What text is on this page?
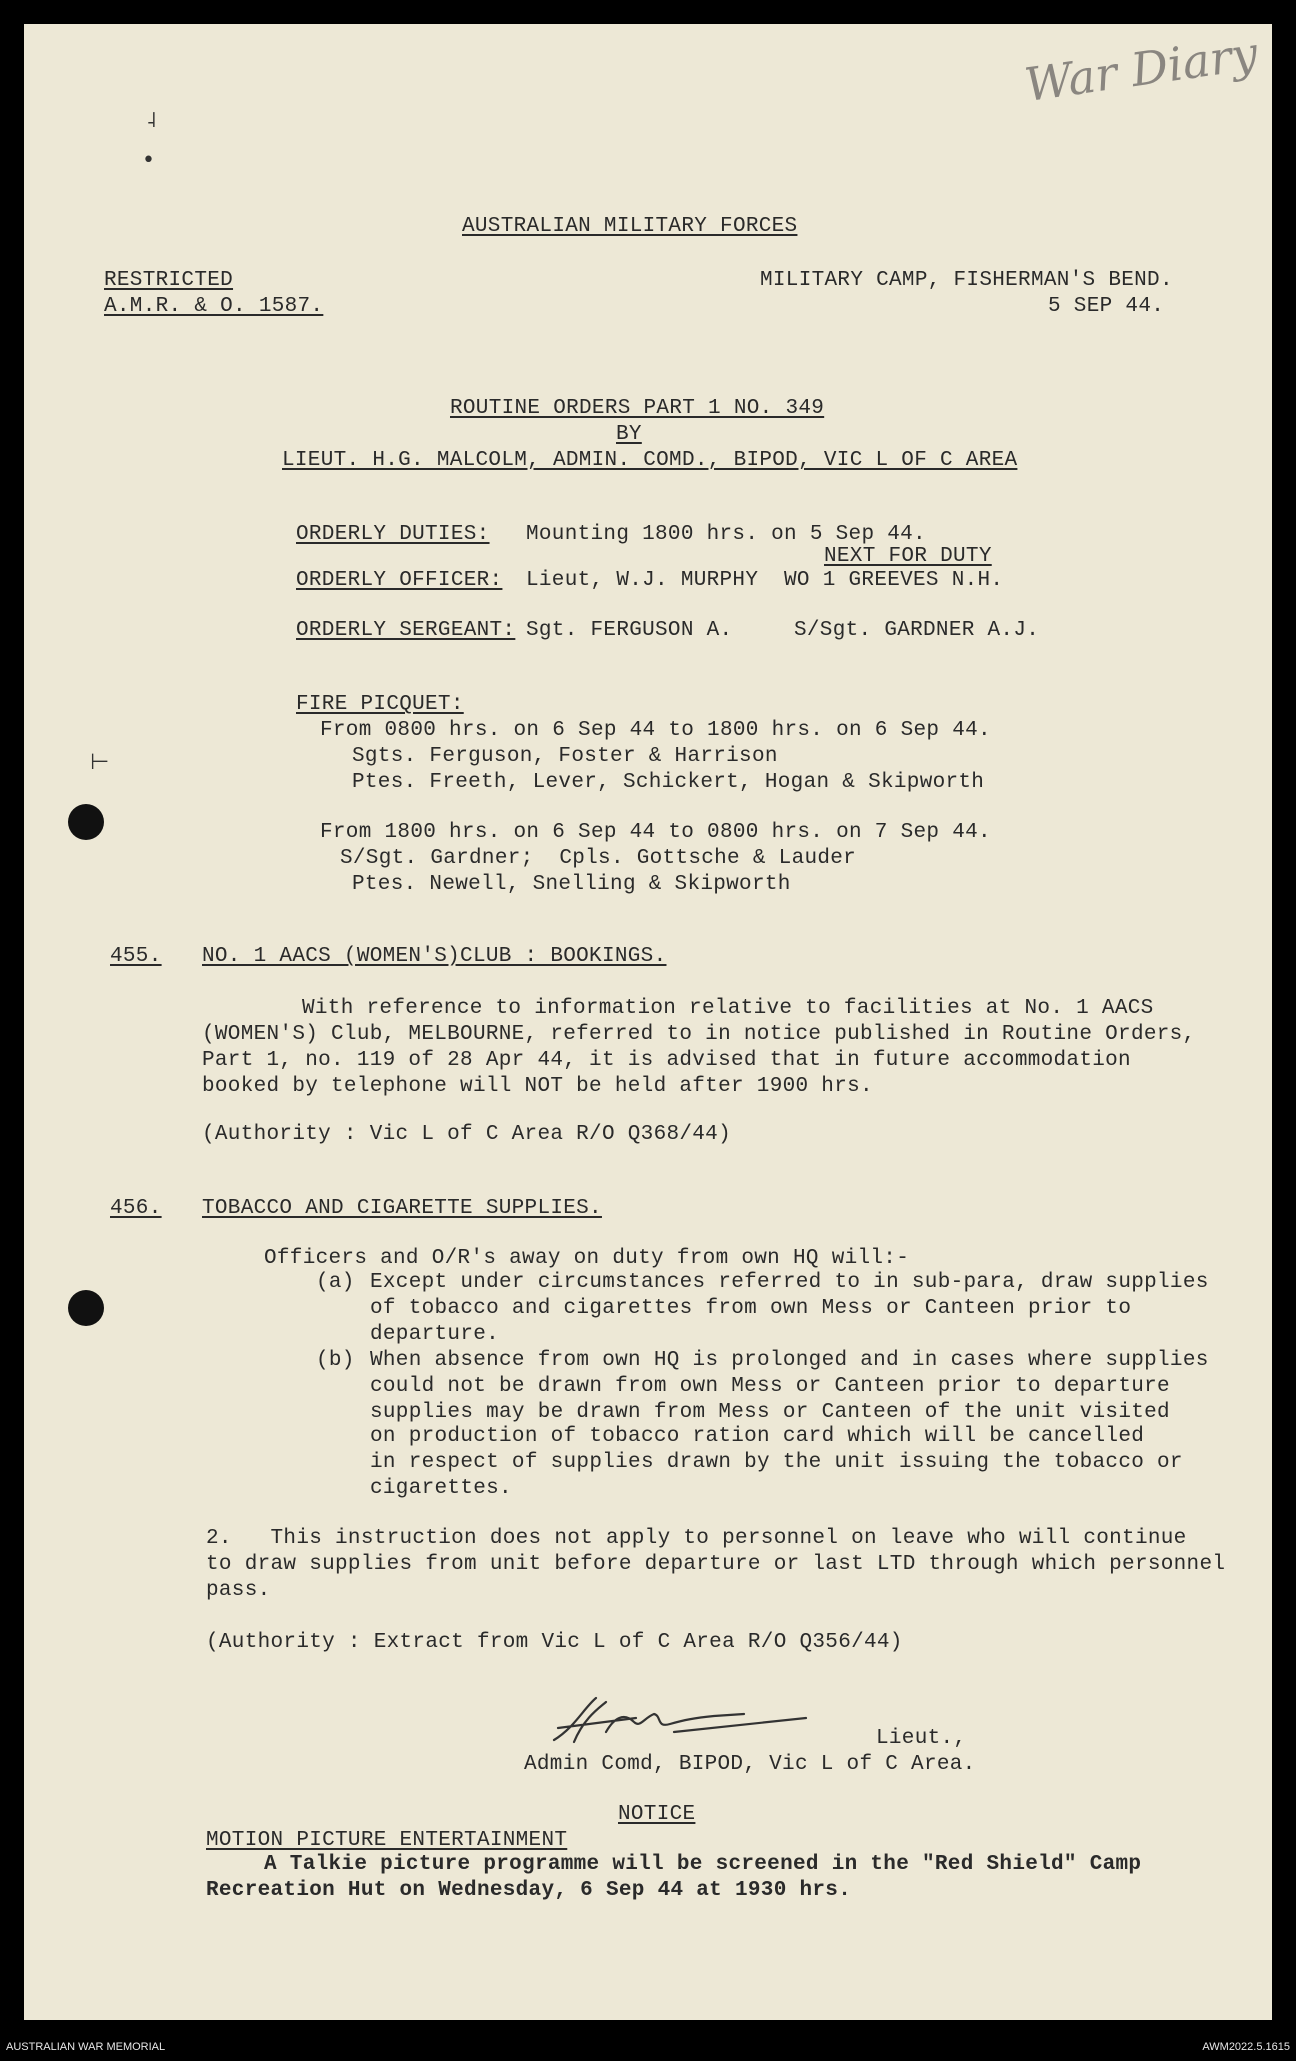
War Diary
˨
•
⊢
AUSTRALIAN MILITARY FORCES
RESTRICTED
A.M.R. & O. 1587.
MILITARY CAMP, FISHERMAN'S BEND.
5 SEP 44.
ROUTINE ORDERS PART 1 NO. 349
BY
LIEUT. H.G. MALCOLM, ADMIN. COMD., BIPOD, VIC L OF C AREA
ORDERLY DUTIES: Mounting 1800 hrs. on 5 Sep 44.
NEXT FOR DUTY
ORDERLY OFFICER: Lieut, W.J. MURPHY WO 1 GREEVES N.H.
ORDERLY SERGEANT: Sgt. FERGUSON A.	S/Sgt. GARDNER A.J.
FIRE PICQUET:
From 0800 hrs. on 6 Sep 44 to 1800 hrs. on 6 Sep 44.
Sgts. Ferguson, Foster & Harrison
Ptes. Freeth, Lever, Schickert, Hogan & Skipworth
From 1800 hrs. on 6 Sep 44 to 0800 hrs. on 7 Sep 44.
S/Sgt. Gardner;  Cpls. Gottsche & Lauder
Ptes. Newell, Snelling & Skipworth
455. NO. 1 AACS (WOMEN'S)CLUB : BOOKINGS.
With reference to information relative to facilities at No. 1 AACS
(WOMEN'S) Club, MELBOURNE, referred to in notice published in Routine Orders,
Part 1, no. 119 of 28 Apr 44, it is advised that in future accommodation
booked by telephone will NOT be held after 1900 hrs.
(Authority : Vic L of C Area R/O Q368/44)
456. TOBACCO AND CIGARETTE SUPPLIES.
Officers and O/R's away on duty from own HQ will:-
(a) Except under circumstances referred to in sub-para, draw supplies
of tobacco and cigarettes from own Mess or Canteen prior to
departure.
(b) When absence from own HQ is prolonged and in cases where supplies
could not be drawn from own Mess or Canteen prior to departure
supplies may be drawn from Mess or Canteen of the unit visited
on production of tobacco ration card which will be cancelled
in respect of supplies drawn by the unit issuing the tobacco or
cigarettes.
2.   This instruction does not apply to personnel on leave who will continue
to draw supplies from unit before departure or last LTD through which personnel
pass.
(Authority : Extract from Vic L of C Area R/O Q356/44)
Lieut.,
Admin Comd, BIPOD, Vic L of C Area.
NOTICE
MOTION PICTURE ENTERTAINMENT
A Talkie picture programme will be screened in the "Red Shield" Camp
Recreation Hut on Wednesday, 6 Sep 44 at 1930 hrs.
AUSTRALIAN WAR MEMORIAL	AWM2022.5.1615
